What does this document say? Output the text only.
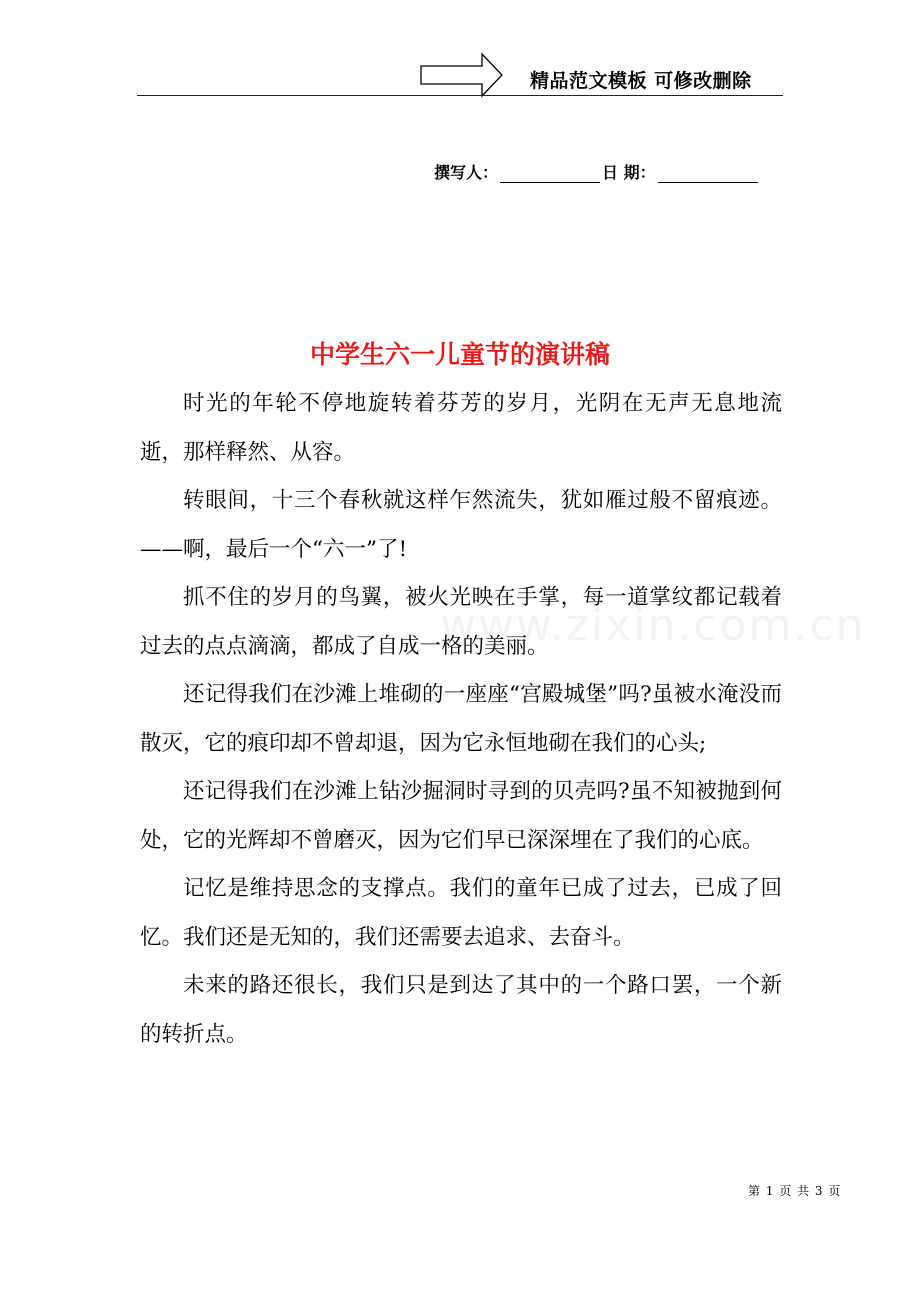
精品范文模板 可修改删除
撰写人：	日 期：
中学生六一儿童节的演讲稿
www.zixin.com.cn

时光的年轮不停地旋转着芬芳的岁月，光阴在无声无息地流逝，那样释然、从容。

转眼间，十三个春秋就这样乍然流失，犹如雁过般不留痕迹。——啊，最后一个“六一”了!

抓不住的岁月的鸟翼，被火光映在手掌，每一道掌纹都记载着过去的点点滴滴，都成了自成一格的美丽。

还记得我们在沙滩上堆砌的一座座“宫殿城堡”吗?虽被水淹没而散灭，它的痕印却不曾却退，因为它永恒地砌在我们的心头;

还记得我们在沙滩上钻沙掘洞时寻到的贝壳吗?虽不知被抛到何处，它的光辉却不曾磨灭，因为它们早已深深埋在了我们的心底。

记忆是维持思念的支撑点。我们的童年已成了过去，已成了回忆。我们还是无知的，我们还需要去追求、去奋斗。

未来的路还很长，我们只是到达了其中的一个路口罢，一个新的转折点。

第 1 页 共 3 页
